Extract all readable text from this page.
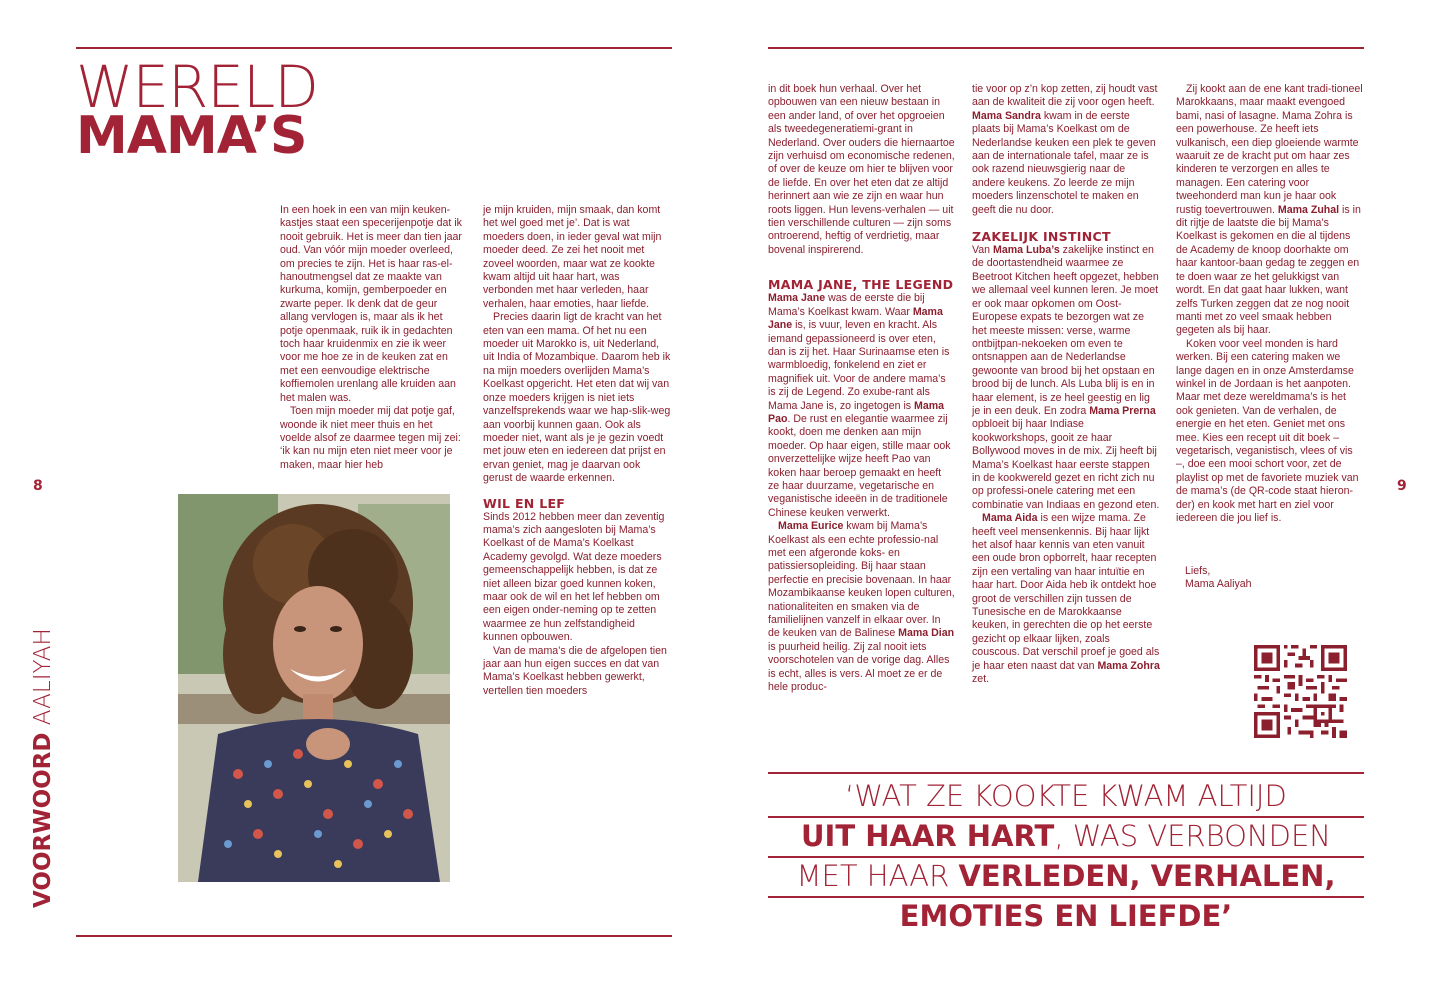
WERELD
MAMA’S
8	9
VOORWOORD AALIYAH

In een hoek in een van mijn keuken-kastjes staat een specerijenpotje dat ik nooit gebruik. Het is meer dan tien jaar oud. Van vóór mijn moeder overleed, om precies te zijn. Het is haar ras-el-hanoutmengsel dat ze maakte van kurkuma, komijn, gemberpoeder en zwarte peper. Ik denk dat de geur allang vervlogen is, maar als ik het potje openmaak, ruik ik in gedachten toch haar kruidenmix en zie ik weer voor me hoe ze in de keuken zat en met een eenvoudige elektrische koffiemolen urenlang alle kruiden aan het malen was.

Toen mijn moeder mij dat potje gaf, woonde ik niet meer thuis en het voelde alsof ze daarmee tegen mij zei: ‘ik kan nu mijn eten niet meer voor je maken, maar hier heb

je mijn kruiden, mijn smaak, dan komt het wel goed met je’. Dat is wat moeders doen, in ieder geval wat mijn moeder deed. Ze zei het nooit met zoveel woorden, maar wat ze kookte kwam altijd uit haar hart, was verbonden met haar verleden, haar verhalen, haar emoties, haar liefde.

Precies daarin ligt de kracht van het eten van een mama. Of het nu een moeder uit Marokko is, uit Nederland, uit India of Mozambique. Daarom heb ik na mijn moeders overlijden Mama’s Koelkast opgericht. Het eten dat wij van onze moeders krijgen is niet iets vanzelfsprekends waar we hap-slik-weg aan voorbij kunnen gaan. Ook als moeder niet, want als je je gezin voedt met jouw eten en iedereen dat prijst en ervan geniet, mag je daarvan ook gerust de waarde erkennen.

WIL EN LEF

Sinds 2012 hebben meer dan zeventig mama’s zich aangesloten bij Mama’s Koelkast of de Mama’s Koelkast Academy gevolgd. Wat deze moeders gemeenschappelijk hebben, is dat ze niet alleen bizar goed kunnen koken, maar ook de wil en het lef hebben om een eigen onder-neming op te zetten waarmee ze hun zelfstandigheid kunnen opbouwen.

Van de mama’s die de afgelopen tien jaar aan hun eigen succes en dat van Mama’s Koelkast hebben gewerkt, vertellen tien moeders

in dit boek hun verhaal. Over het opbouwen van een nieuw bestaan in een ander land, of over het opgroeien als tweedegeneratiemi-grant in Nederland. Over ouders die hiernaartoe zijn verhuisd om economische redenen, of over de keuze om hier te blijven voor de liefde. En over het eten dat ze altijd herinnert aan wie ze zijn en waar hun roots liggen. Hun levens-verhalen — uit tien verschillende culturen — zijn soms ontroerend, heftig of verdrietig, maar bovenal inspirerend.

MAMA JANE, THE LEGEND

Mama Jane was de eerste die bij Mama’s Koelkast kwam. Waar Mama Jane is, is vuur, leven en kracht. Als iemand gepassioneerd is over eten, dan is zij het. Haar Surinaamse eten is warmbloedig, fonkelend en ziet er magnifiek uit. Voor de andere mama’s is zij de Legend. Zo exube-rant als Mama Jane is, zo ingetogen is Mama Pao. De rust en elegantie waarmee zij kookt, doen me denken aan mijn moeder. Op haar eigen, stille maar ook onverzettelijke wijze heeft Pao van koken haar beroep gemaakt en heeft ze haar duurzame, vegetarische en veganistische ideeën in de traditionele Chinese keuken verwerkt.

Mama Eurice kwam bij Mama’s Koelkast als een echte professio-nal met een afgeronde koks- en patissiersopleiding. Bij haar staan perfectie en precisie bovenaan. In haar Mozambikaanse keuken lopen culturen, nationaliteiten en smaken via de familielijnen vanzelf in elkaar over. In de keuken van de Balinese Mama Dian is puurheid heilig. Zij zal nooit iets voorschotelen van de vorige dag. Alles is echt, alles is vers. Al moet ze er de hele produc-

tie voor op z’n kop zetten, zij houdt vast aan de kwaliteit die zij voor ogen heeft. Mama Sandra kwam in de eerste plaats bij Mama’s Koelkast om de Nederlandse keuken een plek te geven aan de internationale tafel, maar ze is ook razend nieuwsgierig naar de andere keukens. Zo leerde ze mijn moeders linzenschotel te maken en geeft die nu door.

ZAKELIJK INSTINCT

Van Mama Luba’s zakelijke instinct en de doortastendheid waarmee ze Beetroot Kitchen heeft opgezet, hebben we allemaal veel kunnen leren. Je moet er ook maar opkomen om Oost-Europese expats te bezorgen wat ze het meeste missen: verse, warme ontbijtpan-nekoeken om even te ontsnappen aan de Nederlandse gewoonte van brood bij het opstaan en brood bij de lunch. Als Luba blij is en in haar element, is ze heel geestig en lig je in een deuk. En zodra Mama Prerna opbloeit bij haar Indiase kookworkshops, gooit ze haar Bollywood moves in de mix. Zij heeft bij Mama’s Koelkast haar eerste stappen in de kookwereld gezet en richt zich nu op professi-onele catering met een combinatie van Indiaas en gezond eten.

Mama Aida is een wijze mama. Ze heeft veel mensenkennis. Bij haar lijkt het alsof haar kennis van eten vanuit een oude bron opborrelt, haar recepten zijn een vertaling van haar intuïtie en haar hart. Door Aida heb ik ontdekt hoe groot de verschillen zijn tussen de Tunesische en de Marokkaanse keuken, in gerechten die op het eerste gezicht op elkaar lijken, zoals couscous. Dat verschil proef je goed als je haar eten naast dat van Mama Zohra zet.

Zij kookt aan de ene kant tradi-tioneel Marokkaans, maar maakt evengoed bami, nasi of lasagne. Mama Zohra is een powerhouse. Ze heeft iets vulkanisch, een diep gloeiende warmte waaruit ze de kracht put om haar zes kinderen te verzorgen en alles te managen. Een catering voor tweehonderd man kun je haar ook rustig toevertrouwen. Mama Zuhal is in dit rijtje de laatste die bij Mama’s Koelkast is gekomen en die al tijdens de Academy de knoop doorhakte om haar kantoor-baan gedag te zeggen en te doen waar ze het gelukkigst van wordt. En dat gaat haar lukken, want zelfs Turken zeggen dat ze nog nooit manti met zo veel smaak hebben gegeten als bij haar.

Koken voor veel monden is hard werken. Bij een catering maken we lange dagen en in onze Amsterdamse winkel in de Jordaan is het aanpoten. Maar met deze wereldmama’s is het ook genieten. Van de verhalen, de energie en het eten. Geniet met ons mee. Kies een recept uit dit boek – vegetarisch, veganistisch, vlees of vis –, doe een mooi schort voor, zet de playlist op met de favoriete muziek van de mama’s (de QR-code staat hieron-der) en kook met hart en ziel voor iedereen die jou lief is.

Liefs,
Mama Aaliyah
‘WAT ZE KOOKTE KWAM ALTIJD
UIT HAAR HART, WAS VERBONDEN
MET HAAR VERLEDEN, VERHALEN,
EMOTIES EN LIEFDE’
